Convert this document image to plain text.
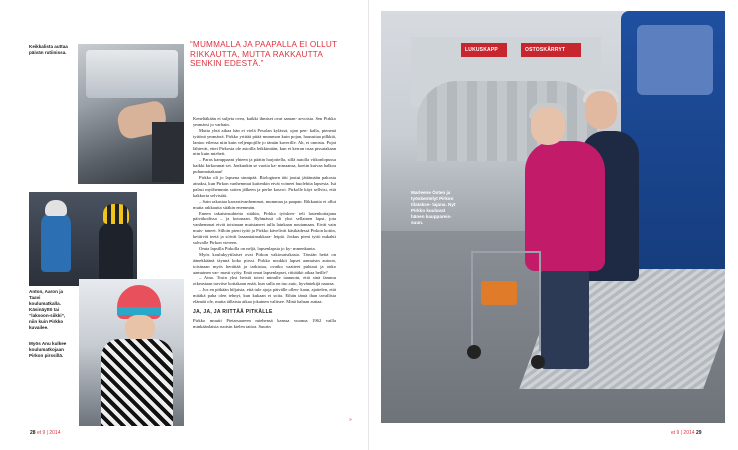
Keikkalista auttaa päivän rutiinissa.
Anton, Aaron ja Taavi koulumatkalla. Käsinäyttö tai “laksoon-siikki”, niin kuin Pirkko kuvailee.
Myös Anu kulkee koulumatkojaan Pirkon pirssillä.
“MUMMALLA JA PAAPALLA EI OLLUT RIKKAUTTA, MUTTA RAKKAUTTA SENKIN EDESTÄ.”

Keneltäkään ei suljeta ovea, kaikki ihmiset ovat saman- arvoisia. Sen Pirkko ymmärsi jo varhain.

Mutta yhtä aikaa hän ei vielä Pesolan kylässä, ojan pen- kalla, pienenä tyttönä ymmärrä. Pirkko yrittää pitää mummon kuin pojan, hausuttaa pilkkiä, lantoo eilensa niin kuin veljenpojille jo tämän kaverille. Ah, ei onnistu. Pojat lähtevät, ettei Pirkosta ole asioilla leikkimään, kun ei kerran osaa pissatakaan niin kuin mieheit.

– Paras kamppaani yhteen ja päätin harjoitella, sillä autolla viikonlopussa kaikki kirkonmat set. Jonkunkin se vuotta ka- mmaansa, koetin kuivaa halkoa puhumattakaan!

Pirkko oli jo lapsena sinnipää. Biologinen äiti joutui jättämään pakosta ainaksi, kun Pirkon vanhemmat kuitenkin eivät voineet huolehtia lapsesta. Isä palasi myöhemmin sotien jälkeen ja perhe kasvoi. Pirkolle käyt sellvisi, että kakkorta selvisiää.

– Sain rakastaa karrastivanhemmat, mummaa ja paapan. Rikkautta ei ollut mutta rakkautta sitäkin enemmän.

Ennen takaisinsuhteita sitäkin, Pirkko työsken- teli lastenhoitajana päiväkodissa – ja kotonaan. Ryhmässä oli yksi sellainen lapsi, jota vanhemmat eivät toisinaan muistaneet tulla lainkaan noutamaan. Eivät vain muis- taneet. Silloin pieni tyttö ja Pirkko kävelivät käsikädessä Pirkon kotiin, keittivät teetä ja söivät lasaantaimakkara- leipiä. Joskus pieni tyttö nukahti sohvalle Pirkon viereen.

Omia lapsilla Pirkolla on neljä, lapsenlapsia jo ky- mmenkunta.

Myös koulukyytilaiset ovat Pirkon vakiosaisikasta. Tärsiän heitä on äänekkäänä täynnä koko pirssi. Pirkko noukkii lapset aamuisin autoon, toisinaan myös herättää ja tarkistaa, ovatko vaatteet puhtaat ja onko aamuinen var- masti syöty. Entä omat lapsenlapset, riittääkö aikaa heille?

– Aina. Tosin yksi heistä totesi minulle taannoin, että sinä fammu oikeastaan tarvitse kotiakaan enää, kun sulla on tuo auto, hyväntekijä nauraa.

– Jos en pitkään hiljaista, että tule ajoja päivälle ollen- kaan, ajattelen, että mitäkä paha olen tehnyt, kun kukaan ei soita. Eihän tämä ihan tavallista elämää ole, mutta tällaista aikaa jokainen valitsee. Minä haluan auttaa.

JA, JA, JA RIITTÄÄ PITKÄLLE

Pirkko muutti Pietarsaareen miehensä kanssa vuonna 1962 vailla minkäänlaista ruotsin kielen taitoa. Suurin

»
28 et 9 | 2014
LUKUSKAPP	OSTOSKÄRRYT
Marleene Östen ja työskentelyt Pirkon tilatakse- tajana. Nyt Pirkko kuuluvat hänen kauppareis- suun.
et 9 | 2014 29
